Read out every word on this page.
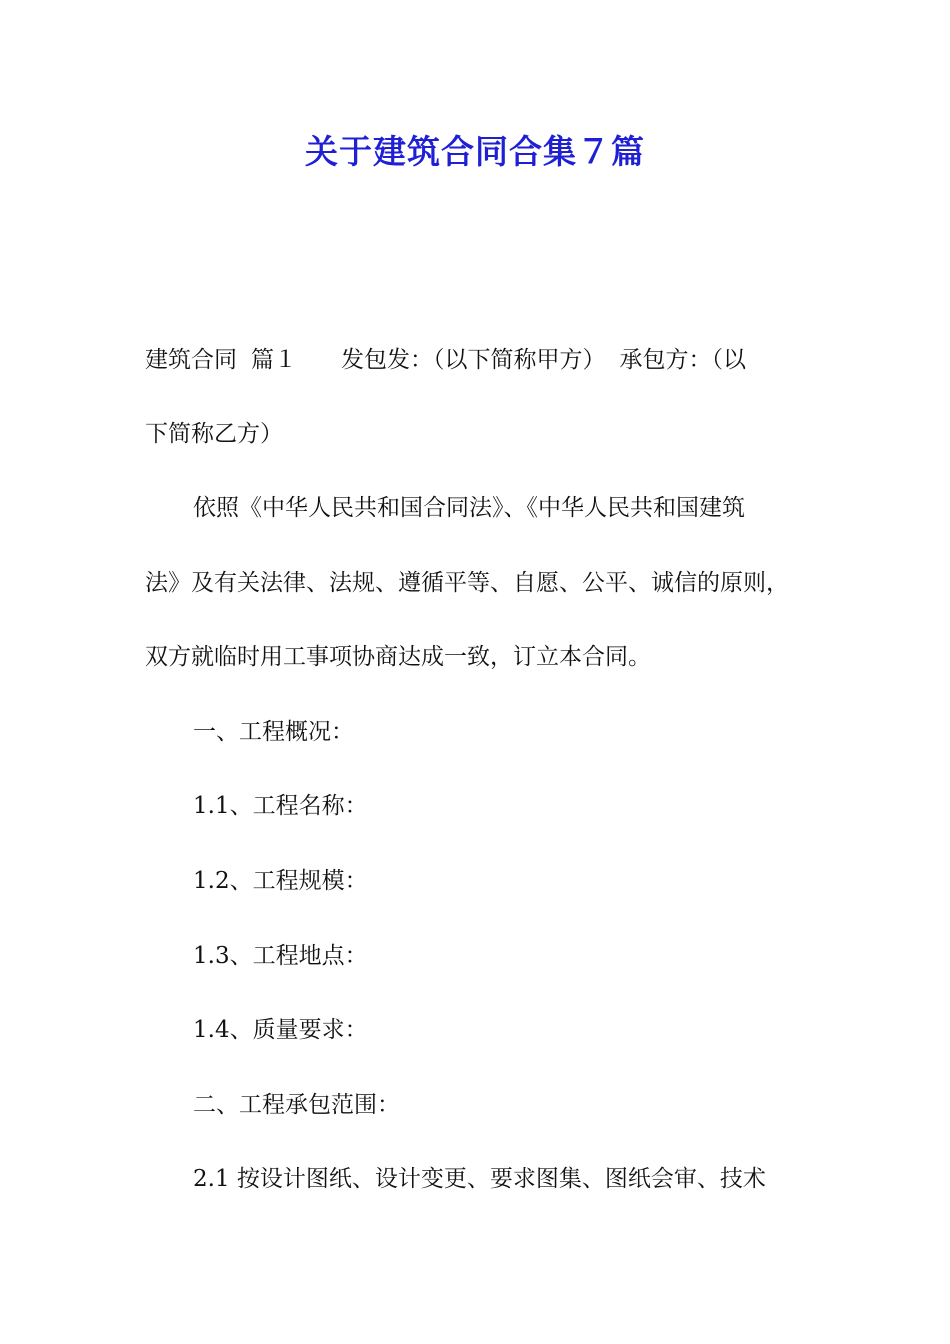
关于建筑合同合集７篇
建筑合同 篇１ 发包发：（以下简称甲方） 承包方：（以
下简称乙方）
依照《中华人民共和国合同法》、《中华人民共和国建筑
法》及有关法律、法规、遵循平等、自愿、公平、诚信的原则，
双方就临时用工事项协商达成一致，订立本合同。
一、工程概况：
1.1、工程名称：
1.2、工程规模：
1.3、工程地点：
1.4、质量要求：
二、工程承包范围：
2.1 按设计图纸、设计变更、要求图集、图纸会审、技术
